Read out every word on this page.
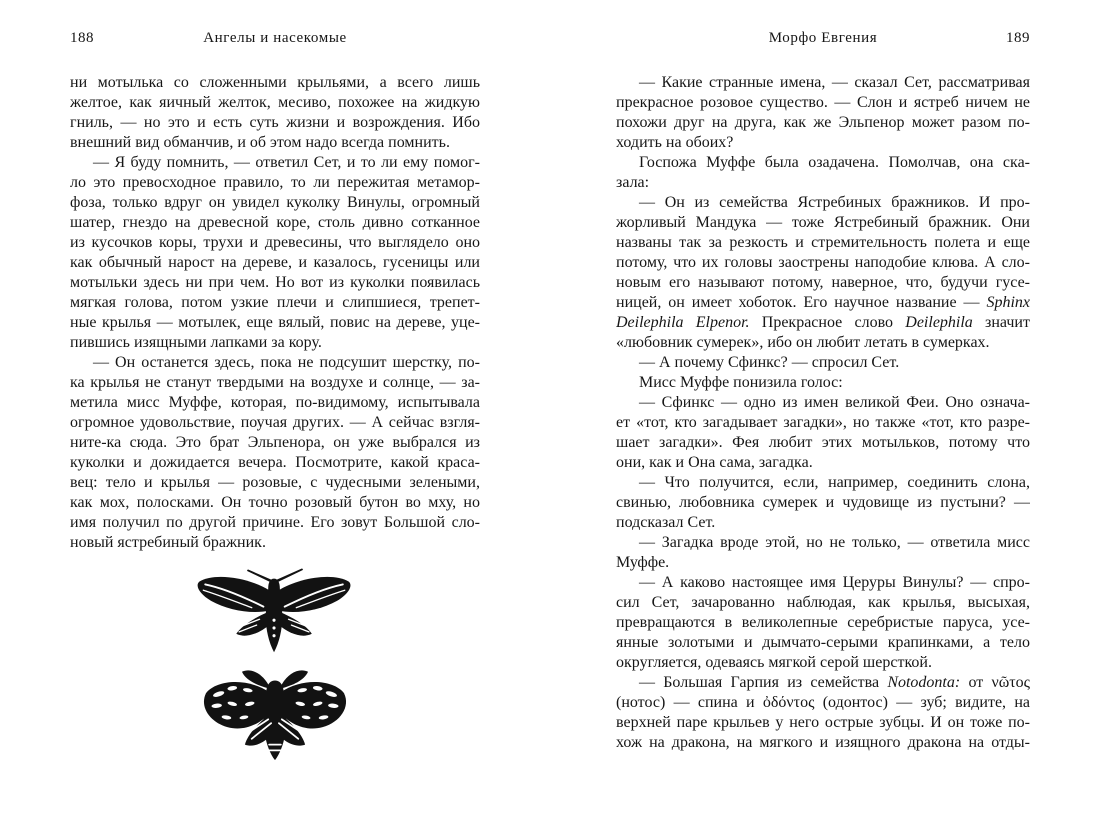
188	Ангелы и насекомые
ни мотылька со сложенными крыльями, а всего лишь
желтое, как яичный желток, месиво, похожее на жидкую
гниль, — но это и есть суть жизни и возрождения. Ибо
внешний вид обманчив, и об этом надо всегда помнить.
— Я буду помнить, — ответил Сет, и то ли ему помог-
ло это превосходное правило, то ли пережитая метамор-
фоза, только вдруг он увидел куколку Винулы, огромный
шатер, гнездо на древесной коре, столь дивно сотканное
из кусочков коры, трухи и древесины, что выглядело оно
как обычный нарост на дереве, и казалось, гусеницы или
мотыльки здесь ни при чем. Но вот из куколки появилась
мягкая голова, потом узкие плечи и слипшиеся, трепет-
ные крылья — мотылек, еще вялый, повис на дереве, уце-
пившись изящными лапками за кору.
— Он останется здесь, пока не подсушит шерстку, по-
ка крылья не станут твердыми на воздухе и солнце, — за-
метила мисс Муффе, которая, по-видимому, испытывала
огромное удовольствие, поучая других. — А сейчас взгля-
ните-ка сюда. Это брат Эльпенора, он уже выбрался из
куколки и дожидается вечера. Посмотрите, какой краса-
вец: тело и крылья — розовые, с чудесными зелеными,
как мох, полосками. Он точно розовый бутон во мху, но
имя получил по другой причине. Его зовут Большой сло-
новый ястребиный бражник.
Морфо Евгения	189
— Какие странные имена, — сказал Сет, рассматривая
прекрасное розовое существо. — Слон и ястреб ничем не
похожи друг на друга, как же Эльпенор может разом по-
ходить на обоих?
Госпожа Муффе была озадачена. Помолчав, она ска-
зала:
— Он из семейства Ястребиных бражников. И про-
жорливый Мандука — тоже Ястребиный бражник. Они
названы так за резкость и стремительность полета и еще
потому, что их головы заострены наподобие клюва. А сло-
новым его называют потому, наверное, что, будучи гусе-
ницей, он имеет хоботок. Его научное название — Sphinx
Deilephila Elpenor. Прекрасное слово Deilephila значит
«любовник сумерек», ибо он любит летать в сумерках.
— А почему Сфинкс? — спросил Сет.
Мисс Муффе понизила голос:
— Сфинкс — одно из имен великой Феи. Оно означа-
ет «тот, кто загадывает загадки», но также «тот, кто разре-
шает загадки». Фея любит этих мотыльков, потому что
они, как и Она сама, загадка.
— Что получится, если, например, соединить слона,
свинью, любовника сумерек и чудовище из пустыни? —
подсказал Сет.
— Загадка вроде этой, но не только, — ответила мисс
Муффе.
— А каково настоящее имя Церуры Винулы? — спро-
сил Сет, зачарованно наблюдая, как крылья, высыхая,
превращаются в великолепные серебристые паруса, усе-
янные золотыми и дымчато-серыми крапинками, а тело
округляется, одеваясь мягкой серой шерсткой.
— Большая Гарпия из семейства Notodonta: от νῶτος
(нотос) — спина и ὀδόντος (одонтос) — зуб; видите, на
верхней паре крыльев у него острые зубцы. И он тоже по-
хож на дракона, на мягкого и изящного дракона на отды-
